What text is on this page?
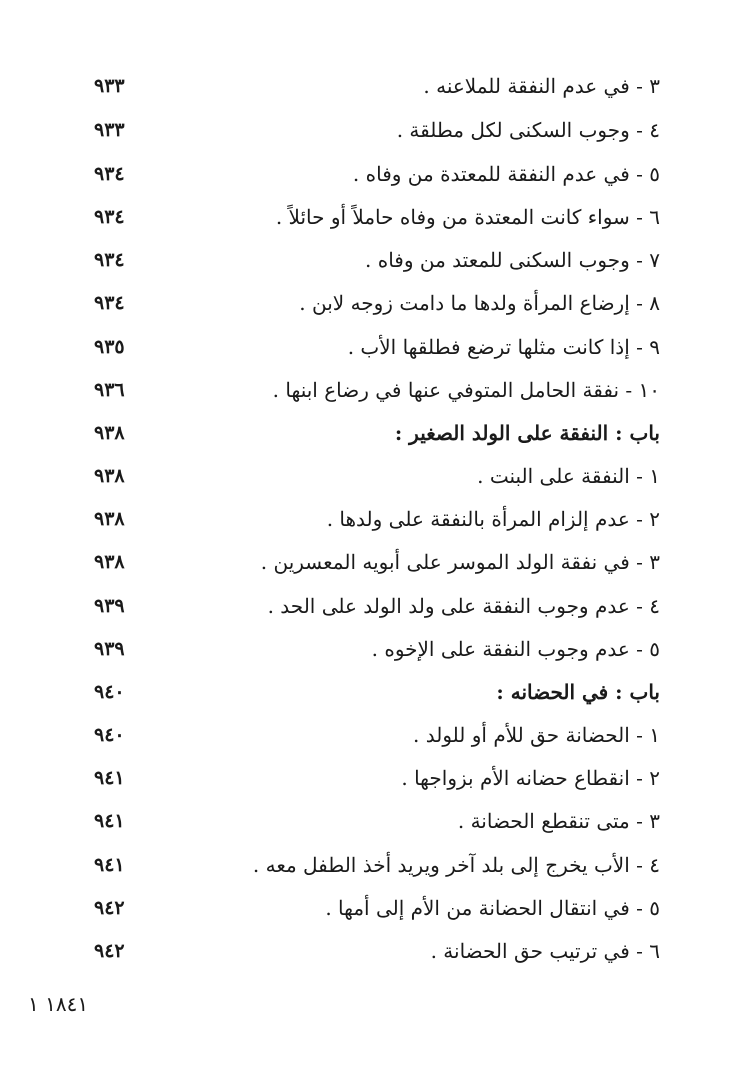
٣ - في عدم النفقة للملاعنه .
٩٣٣
٤ - وجوب السكنى لكل مطلقة .
٩٣٣
٥ - في عدم النفقة للمعتدة من وفاه .
٩٣٤
٦ - سواء كانت المعتدة من وفاه حاملاً أو حائلاً .
٩٣٤
٧ - وجوب السكنى للمعتد من وفاه .
٩٣٤
٨ - إرضاع المرأة ولدها ما دامت زوجه لابن .
٩٣٤
٩ - إذا كانت مثلها ترضع فطلقها الأب .
٩٣٥
١٠ - نفقة الحامل المتوفي عنها في رضاع ابنها .
٩٣٦
باب : النفقة على الولد الصغير :
٩٣٨
١ - النفقة على البنت .
٩٣٨
٢ - عدم إلزام المرأة بالنفقة على ولدها .
٩٣٨
٣ - في نفقة الولد الموسر على أبويه المعسرين .
٩٣٨
٤ - عدم وجوب النفقة على ولد الولد على الحد .
٩٣٩
٥ - عدم وجوب النفقة على الإخوه .
٩٣٩
باب : في الحضانه :
٩٤٠
١ - الحضانة حق للأم أو للولد .
٩٤٠
٢ - انقطاع حضانه الأم بزواجها .
٩٤١
٣ - متى تنقطع الحضانة .
٩٤١
٤ - الأب يخرج إلى بلد آخر ويريد أخذ الطفل معه .
٩٤١
٥ - في انتقال الحضانة من الأم إلى أمها .
٩٤٢
٦ - في ترتيب حق الحضانة .
٩٤٢
١٨٤١ ١
